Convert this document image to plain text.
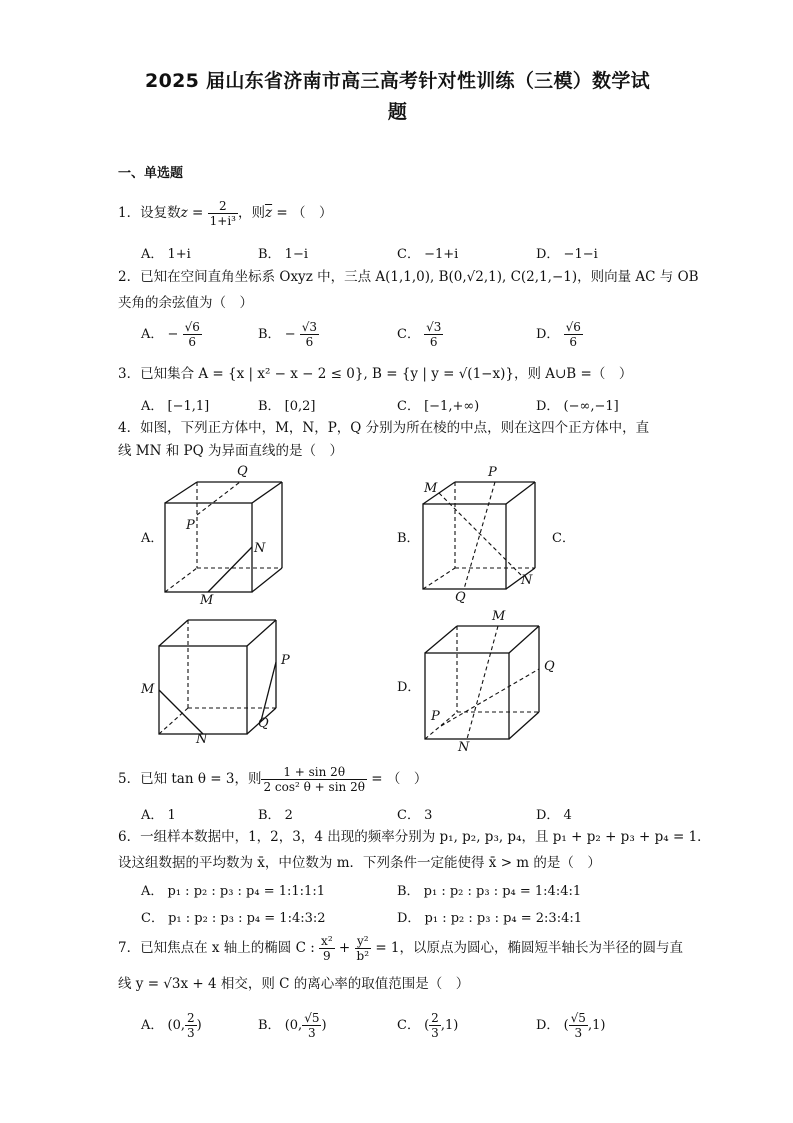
2025 届山东省济南市高三高考针对性训练（三模）数学试
题
一、单选题
1．设复数$z = \frac{2}{\text{1+i³}}$ ，则$\overline{z}$ = （　）
A． 1+i	B． 1−i	C． −1+i	D． −1−i
2．已知在空间直角坐标系 Oxyz 中，三点 A(1,1,0), B(0,√2,1), C(2,1,−1)，则向量 AC 与 OB
夹角的余弦值为（　）
A． − $\frac{√6}{6}$	B． − $\frac{√3}{6}$	C． $\frac{√3}{6}$	D． $\frac{√6}{6}$
3．已知集合 A = {x | x² − x − 2 ≤ 0}, B = {y | y = √(1−x)}，则 A∪B =（　）
A． [−1,1]	B． [0,2]	C． [−1,+∞)	D． (−∞,−1]
4．如图，下列正方体中，M，N，P，Q 分别为所在棱的中点，则在这四个正方体中，直
线 MN 和 PQ 为异面直线的是（　）
A．
Q
P
N
M
B．
P
M
N
Q
C．
P
M
Q
N
D．
M
Q
P
N
5．已知 tan θ = 3，则 $\frac{1 + \sin 2\theta}{\text{2 cos² θ + sin 2θ}}$ = （　）
A． 1	B． 2	C． 3	D． 4
6．一组样本数据中，1，2，3，4 出现的频率分别为 p₁, p₂, p₃, p₄，且 p₁ + p₂ + p₃ + p₄ = 1．
设这组数据的平均数为 x̄，中位数为 m．下列条件一定能使得 x̄ > m 的是（　）
A． p₁ : p₂ : p₃ : p₄ = 1:1:1:1	B． p₁ : p₂ : p₃ : p₄ = 1:4:4:1
C． p₁ : p₂ : p₃ : p₄ = 1:4:3:2	D． p₁ : p₂ : p₃ : p₄ = 2:3:4:1
7．已知焦点在 x 轴上的椭圆 C : $\frac{\text{x²}}{9} + \frac{\text{y²}}{\text{b²}} = 1$，以原点为圆心，椭圆短半轴长为半径的圆与直
线 y = √3x + 4 相交，则 C 的离心率的取值范围是（　）
A． (0, $\frac{2}{3}$ )	B． (0, $\frac{√5}{3}$ )	C． ( $\frac{2}{3} ,1$)	D． ( $\frac{√5}{3} ,1$)
